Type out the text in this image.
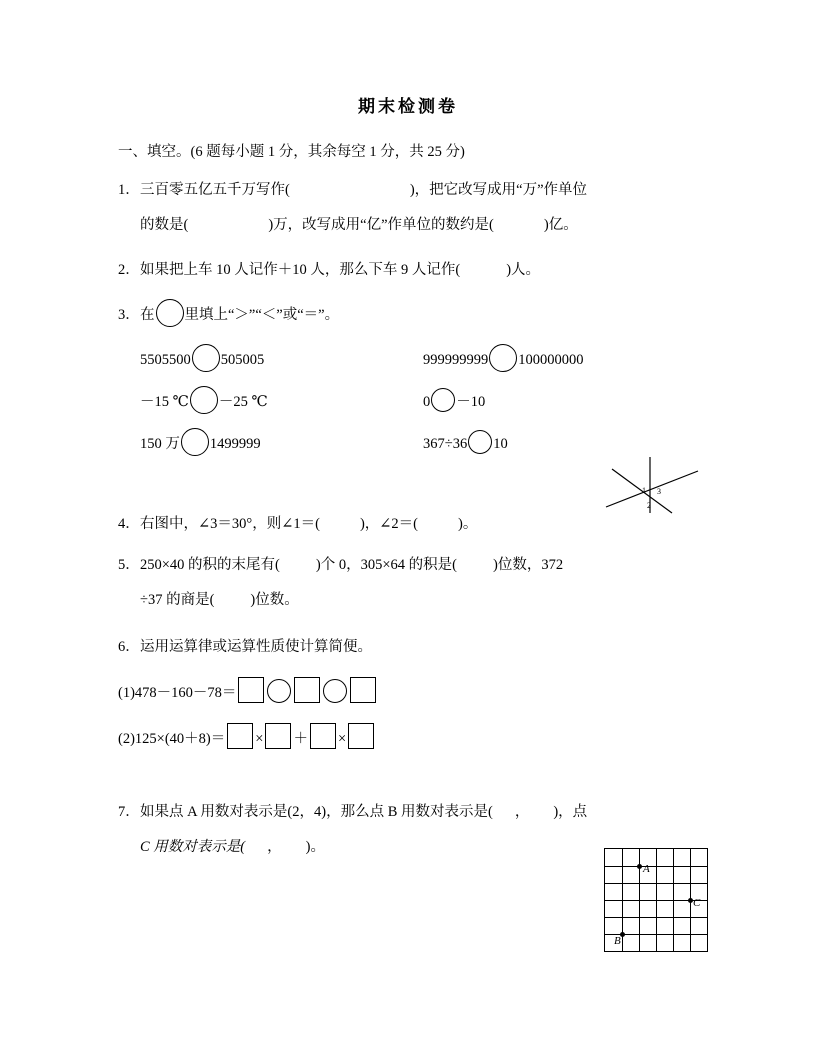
期末检测卷
一、填空。(6 题每小题 1 分，其余每空 1 分，共 25 分)
1．三百零五亿五千万写作(	)，把它改写成用“万”作单位
的数是(	)万，改写成用“亿”作单位的数约是(	)亿。
2．如果把上车 10 人记作＋10 人，那么下车 9 人记作(	)人。
3．在 里填上“＞”“＜”或“＝”。
5505500 505005	999999999 100000000
－15 ℃ －25 ℃	0 －10
150 万 1499999	367÷36 10
1 3
2
4．右图中，∠3＝30°，则∠1＝(	)，∠2＝(	)。
5．250×40 的积的末尾有( )个 0，305×64 的积是( )位数，372
÷37 的商是( )位数。
6．运用运算律或运算性质使计算简便。
(1)478－160－78＝
(2)125×(40＋8)＝ × ＋ ×
7．如果点 A 用数对表示是(2，4)，那么点 B 用数对表示是( ， )，点
C 用数对表示是( ， )。
A
C
B
